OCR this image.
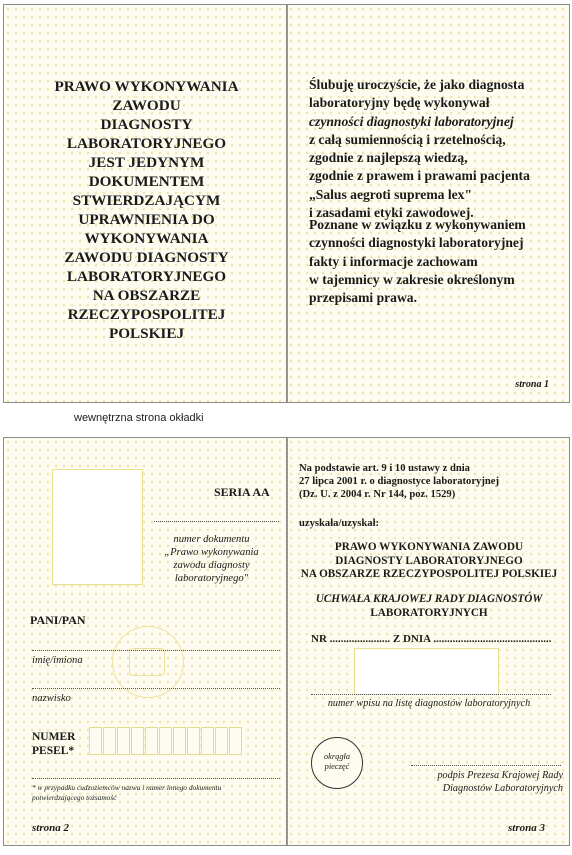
PRAWO WYKONYWANIA
ZAWODU
DIAGNOSTY
LABORATORYJNEGO
JEST JEDYNYM
DOKUMENTEM
STWIERDZAJĄCYM
UPRAWNIENIA DO
WYKONYWANIA
ZAWODU DIAGNOSTY
LABORATORYJNEGO
NA OBSZARZE
RZECZYPOSPOLITEJ
POLSKIEJ
Ślubuję uroczyście, że jako diagnosta
laboratoryjny będę wykonywał
czynności diagnostyki laboratoryjnej
z całą sumiennością i rzetelnością,
zgodnie z najlepszą wiedzą,
zgodnie z prawem i prawami pacjenta
„Salus aegroti suprema lex"
i zasadami etyki zawodowej.
Poznane w związku z wykonywaniem
czynności diagnostyki laboratoryjnej
fakty i informacje zachowam
w tajemnicy w zakresie określonym
przepisami prawa.
strona 1
wewnętrzna strona okładki
SERIA AA
numer dokumentu
„Prawo wykonywania
zawodu diagnosty
laboratoryjnego"
PANI/PAN
imię/imiona
nazwisko
NUMER
PESEL*
* w przypadku cudzoziemców nazwa i numer innego dokumentu
potwierdzającego tożsamość
strona 2
Na podstawie art. 9 i 10 ustawy z dnia
27 lipca 2001 r. o diagnostyce laboratoryjnej
(Dz. U. z 2004 r. Nr 144, poz. 1529)
uzyskała/uzyskał:
PRAWO WYKONYWANIA ZAWODU
DIAGNOSTY LABORATORYJNEGO
NA OBSZARZE RZECZYPOSPOLITEJ POLSKIEJ
UCHWAŁA KRAJOWEJ RADY DIAGNOSTÓW
LABORATORYJNYCH
NR ...................... Z DNIA ...........................................
numer wpisu na listę diagnostów laboratoryjnych
okrągła
pieczęć
podpis Prezesa Krajowej Rady
Diagnostów Laboratoryjnych
strona 3
